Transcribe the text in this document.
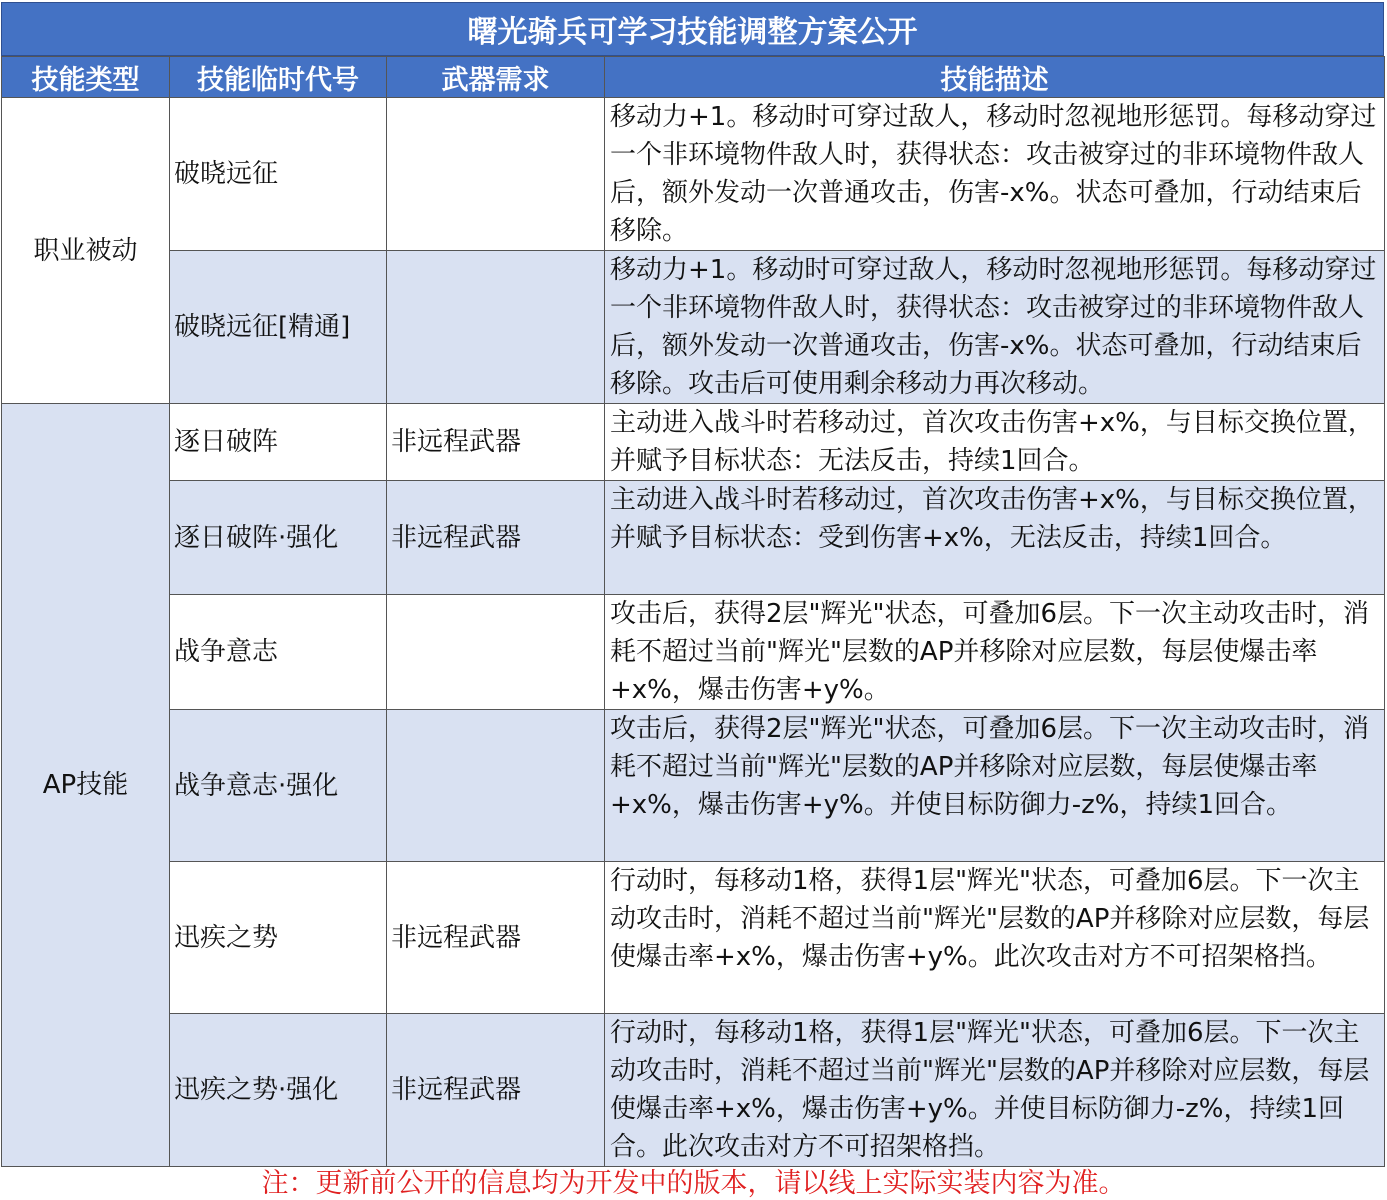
曙光骑兵可学习技能调整方案公开
技能类型	技能临时代号	武器需求	技能描述
职业被动	破晓远征		移动力+1。移动时可穿过敌人，移动时忽视地形惩罚。每移动穿过一个非环境物件敌人时，获得状态：攻击被穿过的非环境物件敌人后，额外发动一次普通攻击，伤害-x%。状态可叠加，行动结束后移除。
	破晓远征[精通]		移动力+1。移动时可穿过敌人，移动时忽视地形惩罚。每移动穿过一个非环境物件敌人时，获得状态：攻击被穿过的非环境物件敌人后，额外发动一次普通攻击，伤害-x%。状态可叠加，行动结束后移除。攻击后可使用剩余移动力再次移动。
AP技能	逐日破阵	非远程武器	主动进入战斗时若移动过，首次攻击伤害+x%，与目标交换位置，并赋予目标状态：无法反击，持续1回合。
	逐日破阵·强化	非远程武器	主动进入战斗时若移动过，首次攻击伤害+x%，与目标交换位置，并赋予目标状态：受到伤害+x%，无法反击，持续1回合。
	战争意志		攻击后，获得2层"辉光"状态，可叠加6层。下一次主动攻击时，消耗不超过当前"辉光"层数的AP并移除对应层数，每层使爆击率+x%，爆击伤害+y%。
	战争意志·强化		攻击后，获得2层"辉光"状态，可叠加6层。下一次主动攻击时，消耗不超过当前"辉光"层数的AP并移除对应层数，每层使爆击率+x%，爆击伤害+y%。并使目标防御力-z%，持续1回合。
	迅疾之势	非远程武器	行动时，每移动1格，获得1层"辉光"状态，可叠加6层。下一次主动攻击时，消耗不超过当前"辉光"层数的AP并移除对应层数，每层使爆击率+x%，爆击伤害+y%。此次攻击对方不可招架格挡。
	迅疾之势·强化	非远程武器	行动时，每移动1格，获得1层"辉光"状态，可叠加6层。下一次主动攻击时，消耗不超过当前"辉光"层数的AP并移除对应层数，每层使爆击率+x%，爆击伤害+y%。并使目标防御力-z%，持续1回合。此次攻击对方不可招架格挡。
注：更新前公开的信息均为开发中的版本，请以线上实际实装内容为准。
